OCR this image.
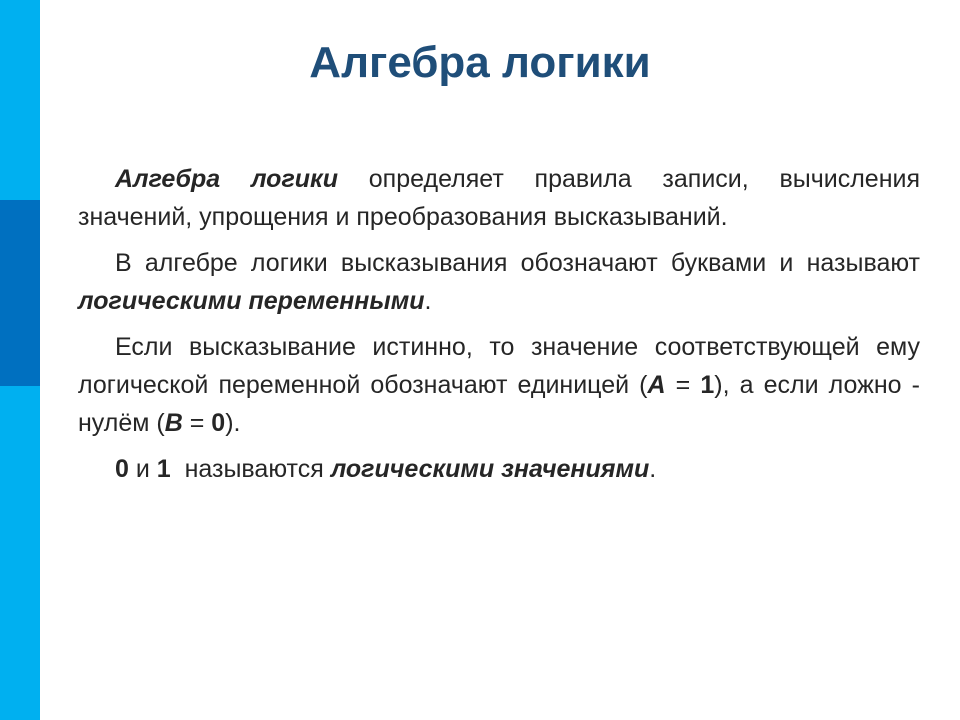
Алгебра логики

Алгебра логики определяет правила записи, вычисления значений, упрощения и преобразования высказываний.

В алгебре логики высказывания обозначают буквами и называют логическими переменными.

Если высказывание истинно, то значение соответствующей ему логической переменной обозначают единицей (А = 1), а если ложно - нулём (В = 0).

0 и 1  называются логическими значениями.
